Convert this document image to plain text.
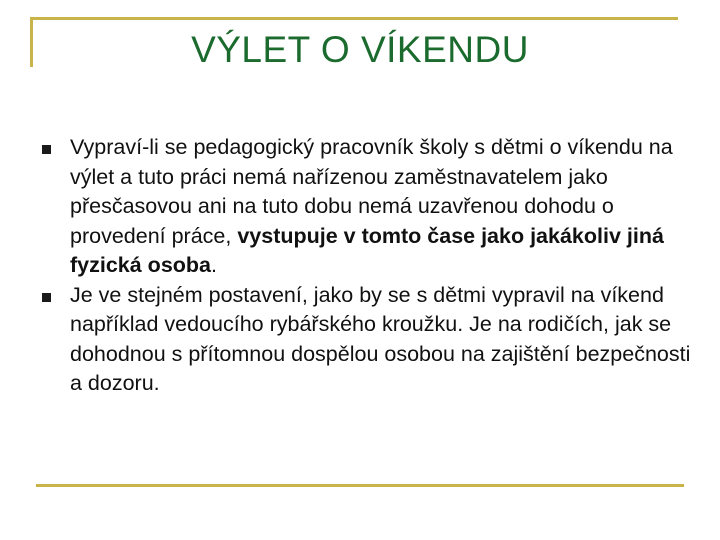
VÝLET O VÍKENDU
Vypraví-li se pedagogický pracovník školy s dětmi o víkendu na výlet a tuto práci nemá nařízenou zaměstnavatelem jako přesčasovou ani na tuto dobu nemá uzavřenou dohodu o provedení práce, vystupuje v tomto čase jako jakákoliv jiná fyzická osoba.
Je ve stejném postavení, jako by se s dětmi vypravil na víkend například vedoucího rybářského kroužku. Je na rodičích, jak se dohodnou s přítomnou dospělou osobou na zajištění bezpečnosti a dozoru.
